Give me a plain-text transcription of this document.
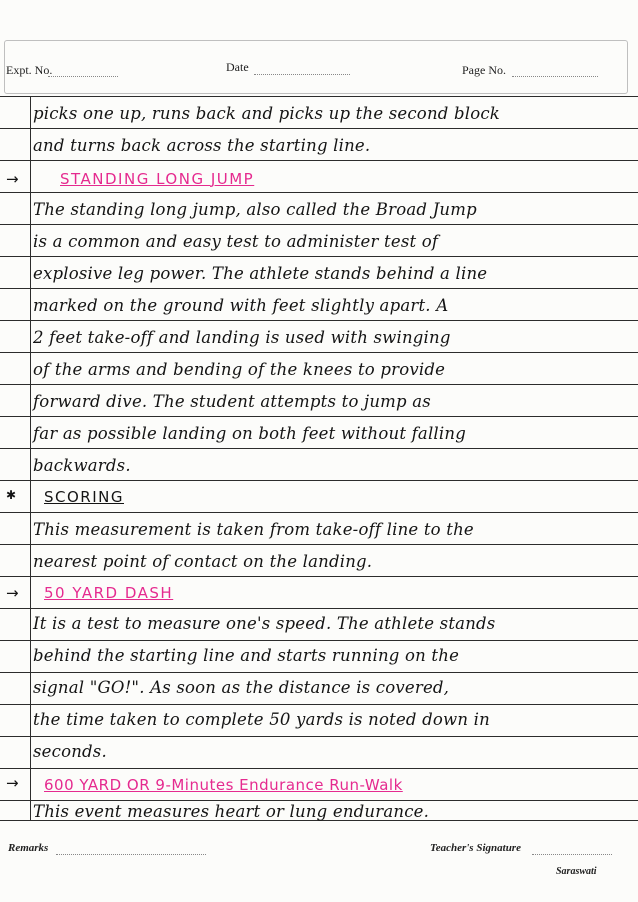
Expt. No.	Date	Page No.
picks one up, runs back and picks up the second block
and turns back across the starting line.
→	STANDING LONG JUMP
The standing long jump, also called the Broad Jump
is a common and easy test to administer test of
explosive leg power. The athlete stands behind a line
marked on the ground with feet slightly apart. A
2 feet take-off and landing is used with swinging
of the arms and bending of the knees to provide
forward dive. The student attempts to jump as
far as possible landing on both feet without falling
backwards.
✱ SCORING
This measurement is taken from take-off line to the
nearest point of contact on the landing.
→ 50 YARD DASH
It is a test to measure one's speed. The athlete stands
behind the starting line and starts running on the
signal "GO!". As soon as the distance is covered,
the time taken to complete 50 yards is noted down in
seconds.
→ 600 YARD OR 9-Minutes Endurance Run-Walk
This event measures heart or lung endurance.
Remarks	Teacher's Signature
Saraswati
